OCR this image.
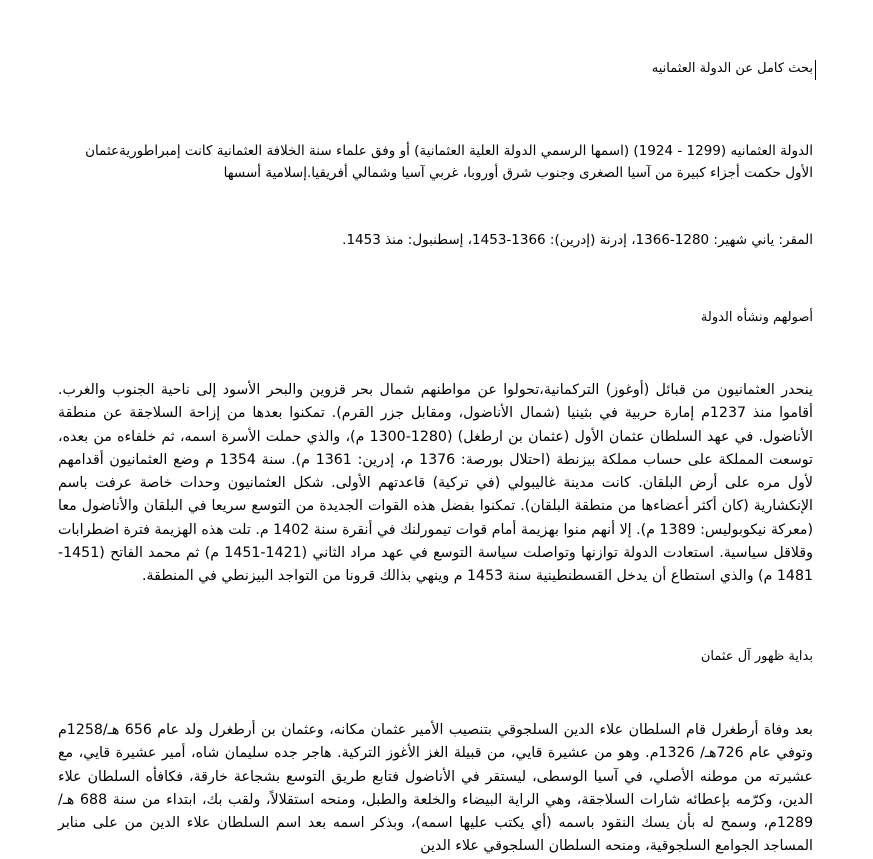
بحث كامل عن الدولة العثمانيه

الدولة العثمانيه (1299 - 1924) (اسمها الرسمي الدولة العلية العثمانية) أو وفق علماء سنة الخلافة العثمانية كانت إمبراطوريةعثمان الأول حكمت أجزاء كبيرة من آسيا الصغرى وجنوب شرق أوروبا، غربي آسيا وشمالي أفريقيا.إسلامية أسسها

المقر: ياني شهير: 1280-1366، إدرنة (إدرين): 1366-1453، إسطنبول: منذ 1453.

أصولهم ونشأه الدولة

ينحدر العثمانيون من قبائل (أوغوز) التركمانية،تحولوا عن مواطنهم شمال بحر قزوين والبحر الأسود إلى ناحية الجنوب والغرب. أقاموا منذ 1237م إمارة حربية في بثينيا (شمال الأناضول، ومقابل جزر القرم). تمكنوا بعدها من إزاحة السلاجقة عن منطقة الأناضول. في عهد السلطان عثمان الأول (عثمان بن ارطغل) (1280-1300 م)، والذي حملت الأسرة اسمه، ثم خلفاءه من بعده، توسعت المملكة على حساب مملكة بيزنطة (احتلال بورصة: 1376 م، إدرين: 1361 م). سنة 1354 م وضع العثمانيون أقدامهم لأول مره على أرض البلقان. كانت مدينة غاليبولي (في تركية) قاعدتهم الأولى. شكل العثمانيون وحدات خاصة عرفت باسم الإنكشارية (كان أكثر أعضاءها من منطقة البلقان). تمكنوا بفضل هذه القوات الجديدة من التوسع سريعا في البلقان والأناضول معا (معركة نيكوبوليس: 1389 م). إلا أنهم منوا بهزيمة أمام قوات تيمورلنك في أنقرة سنة 1402 م. تلت هذه الهزيمة فترة اضطرابات وقلاقل سياسية. استعادت الدولة توازنها وتواصلت سياسة التوسع في عهد مراد الثاني (1421-1451 م) ثم محمد الفاتح (1451-1481 م) والذي استطاع أن يدخل القسطنطينية سنة 1453 م وينهي بذالك قرونا من التواجد البيزنطي في المنطقة.

بداية ظهور آل عثمان

بعد وفاة أرطغرل قام السلطان علاء الدين السلجوقي بتنصيب الأمير عثمان مكانه، وعثمان بن أرطغرل ولد عام 656 هـ/1258م وتوفي عام 726هـ/ 1326م. وهو من عشيرة قايي، من قبيلة الغز الأغوز التركية. هاجر جده سليمان شاه، أمير عشيرة قايي، مع عشيرته من موطنه الأصلي، في آسيا الوسطى، ليستقر في الأناضول فتابع طريق التوسع بشجاعة خارقة، فكافأه السلطان علاء الدين، وكرّمه بإعطائه شارات السلاجقة، وهي الراية البيضاء والخلعة والطبل، ومنحه استقلالاً، ولقب بك، ابتداء من سنة 688 هـ/ 1289م، وسمح له بأن يسك النقود باسمه (أي يكتب عليها اسمه)، وبذكر اسمه بعد اسم السلطان علاء الدين من على منابر المساجد الجوامع السلجوقية، ومنحه السلطان السلجوقي علاء الدين
